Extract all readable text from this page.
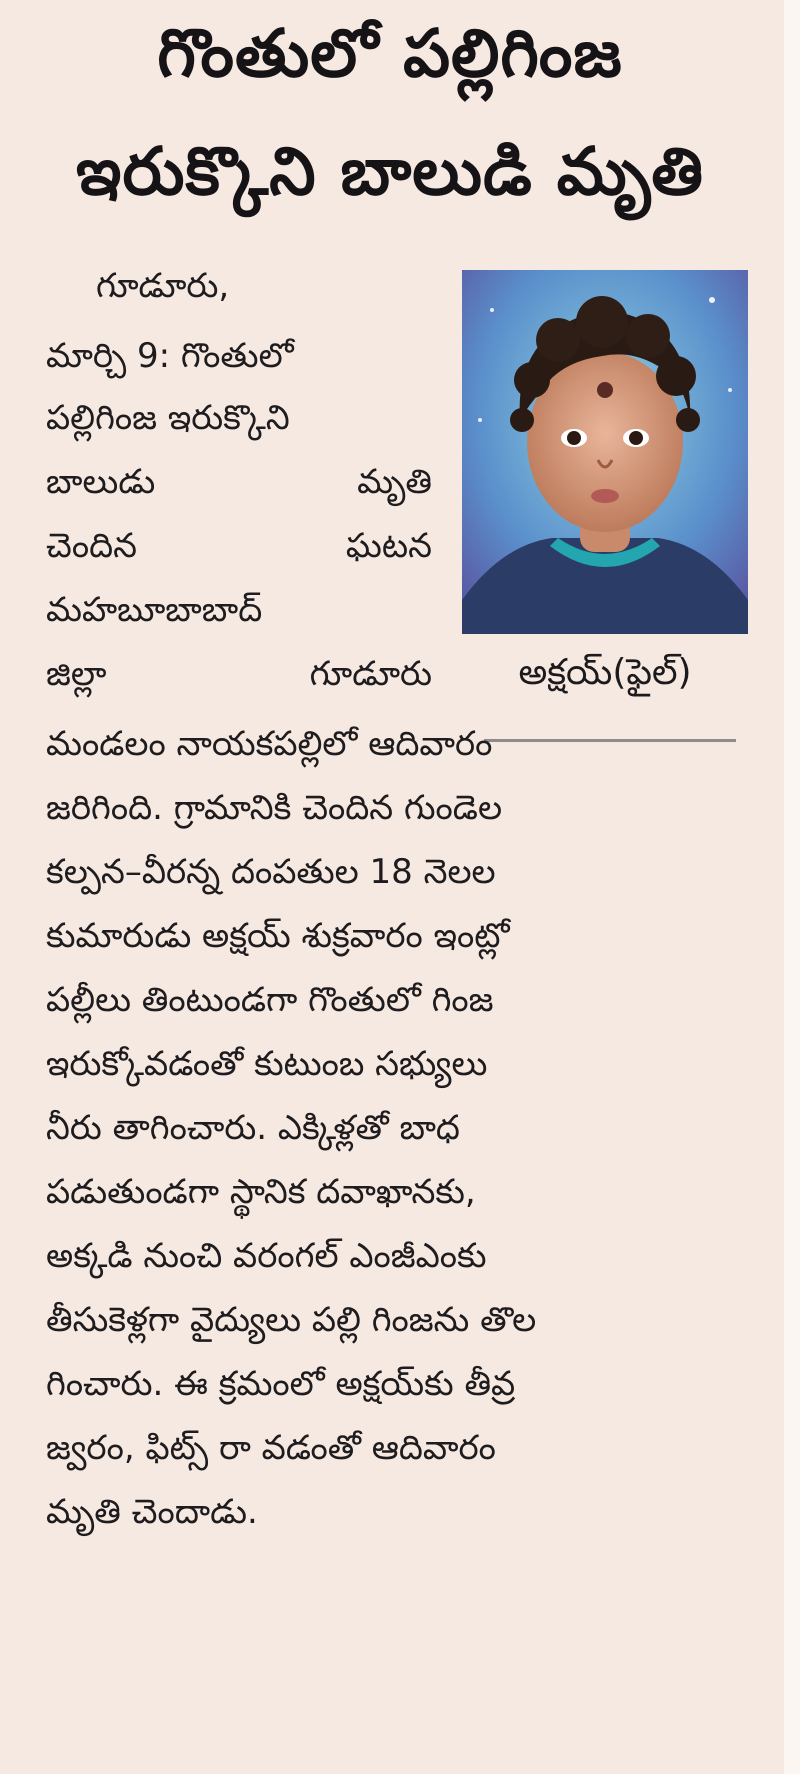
గొంతులో పల్లిగింజ
ఇరుక్కొని బాలుడి మృతి
అక్షయ్‌(ఫైల్‌)
గూడూరు,
మార్చి 9: గొంతులో
పల్లిగింజ ఇరుక్కొని
బాలుడు	మృతి
చెందిన	ఘటన
మహబూబాబాద్‌
జిల్లా	గూడూరు
మండలం నాయకపల్లిలో ఆదివారం
జరిగింది. గ్రామానికి చెందిన గుండెల
కల్పన–వీరన్న దంపతుల 18 నెలల
కుమారుడు అక్షయ్‌ శుక్రవారం ఇంట్లో
పల్లీలు తింటుండగా గొంతులో గింజ
ఇరుక్కోవడంతో కుటుంబ సభ్యులు
నీరు తాగించారు. ఎక్కిళ్లతో బాధ
పడుతుండగా స్థానిక దవాఖానకు,
అక్కడి నుంచి వరంగల్‌ ఎంజీఎంకు
తీసుకెళ్లగా వైద్యులు పల్లి గింజను తొల
గించారు. ఈ క్రమంలో అక్షయ్‌కు తీవ్ర
జ్వరం, ఫిట్స్‌ రా వడంతో ఆదివారం
మృతి చెందాడు.
